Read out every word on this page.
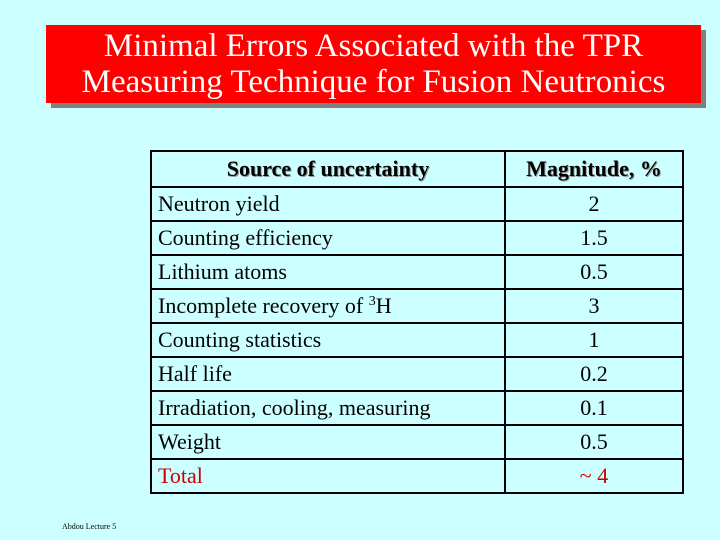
Minimal Errors Associated with the TPR
Measuring Technique for Fusion Neutronics
Source of uncertainty	Magnitude, %
Neutron yield	2
Counting efficiency	1.5
Lithium atoms	0.5
Incomplete recovery of $^3$H	3
Counting statistics	1
Half life	0.2
Irradiation, cooling, measuring	0.1
Weight	0.5
Total	~ 4
Abdou Lecture 5
